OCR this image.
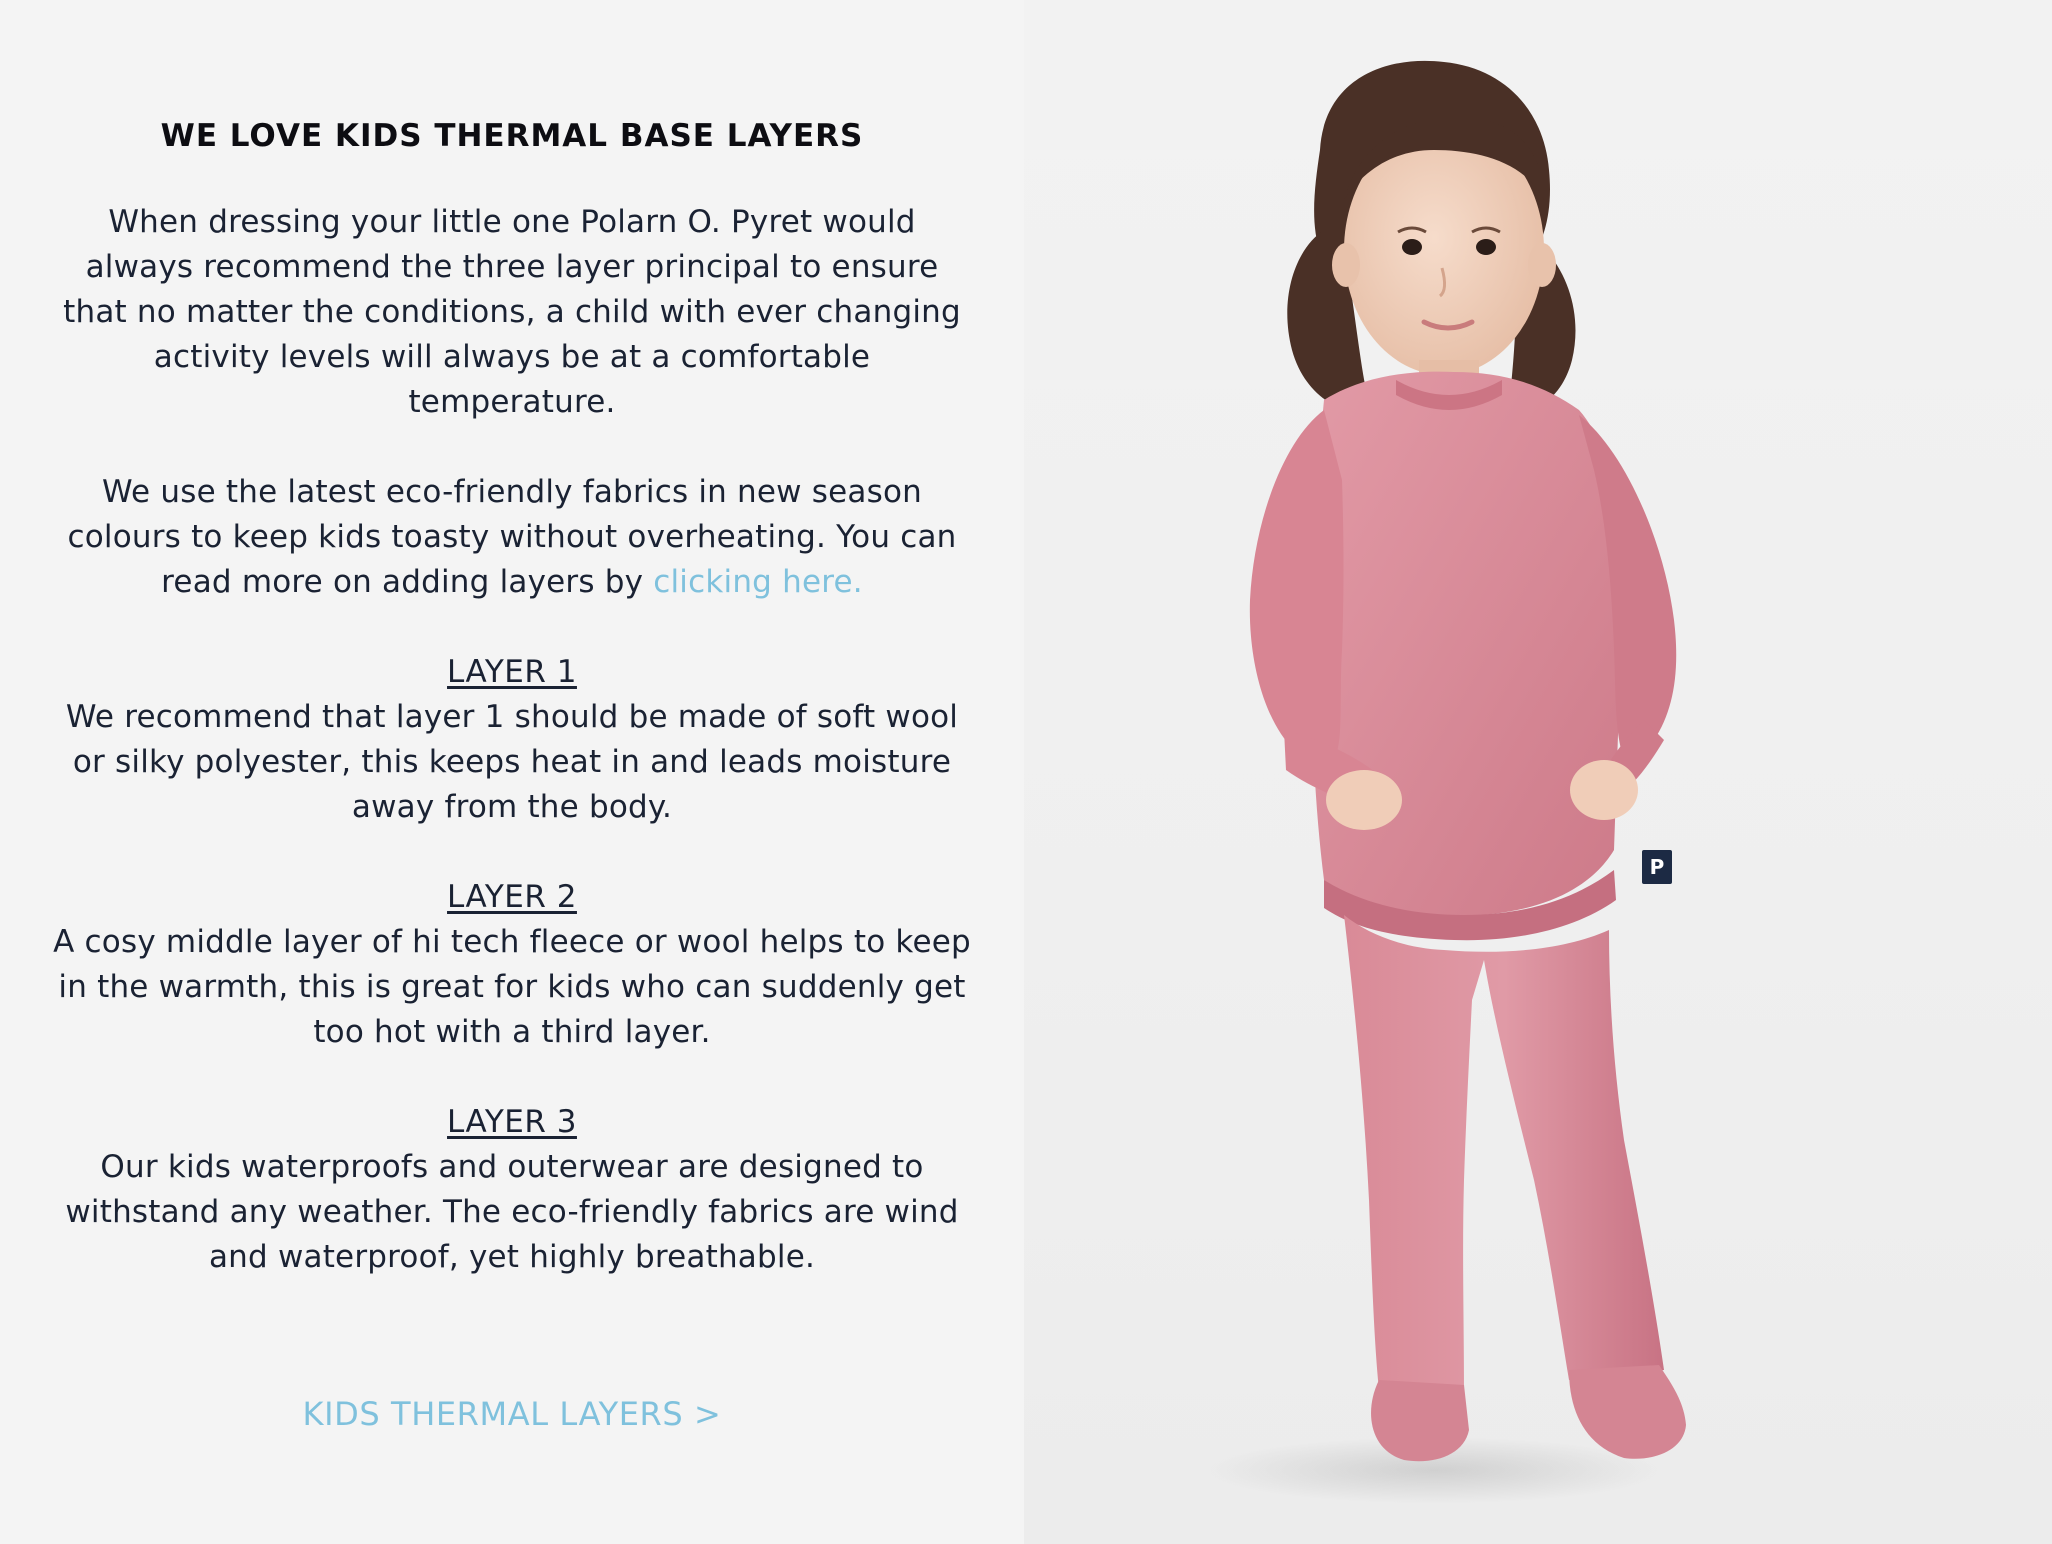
WE LOVE KIDS THERMAL BASE LAYERS

When dressing your little one Polarn O. Pyret would always recommend the three layer principal to ensure that no matter the conditions, a child with ever changing activity levels will always be at a comfortable temperature.

We use the latest eco-friendly fabrics in new season colours to keep kids toasty without overheating. You can read more on adding layers by clicking here.

LAYER 1

We recommend that layer 1 should be made of soft wool or silky polyester, this keeps heat in and leads moisture away from the body.

LAYER 2

A cosy middle layer of hi tech fleece or wool helps to keep in the warmth, this is great for kids who can suddenly get too hot with a third layer.

LAYER 3

Our kids waterproofs and outerwear are designed to withstand any weather. The eco-friendly fabrics are wind and waterproof, yet highly breathable.

KIDS THERMAL LAYERS >
P
